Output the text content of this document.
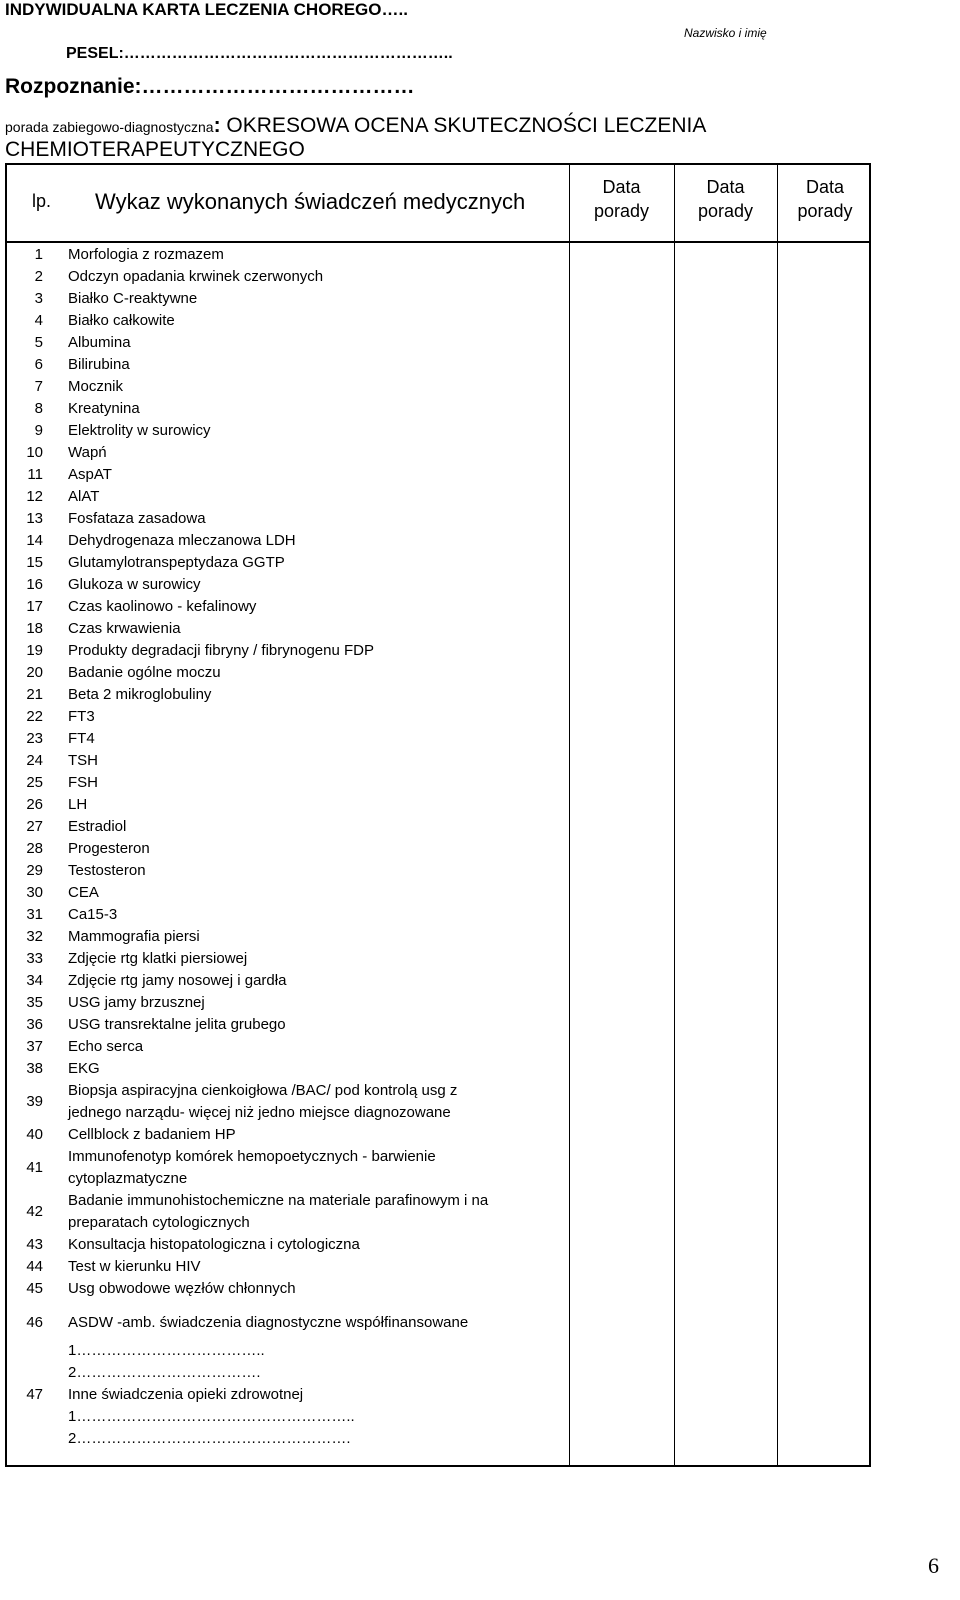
INDYWIDUALNA KARTA LECZENIA CHOREGO…..
Nazwisko i imię
PESEL:……………………………………………………..
Rozpoznanie:…………………………………
porada zabiegowo-diagnostyczna: OKRESOWA OCENA SKUTECZNOŚCI LECZENIA
CHEMIOTERAPEUTYCZNEGO
lp. Wykaz wykonanych świadczeń medycznych
Data
porady
Data
porady
Data
porady
1 Morfologia z rozmazem
2 Odczyn opadania krwinek czerwonych
3 Białko C-reaktywne
4 Białko całkowite
5 Albumina
6 Bilirubina
7 Mocznik
8 Kreatynina
9 Elektrolity w surowicy
10 Wapń
11 AspAT
12 AlAT
13 Fosfataza zasadowa
14 Dehydrogenaza mleczanowa LDH
15 Glutamylotranspeptydaza GGTP
16 Glukoza w surowicy
17 Czas kaolinowo - kefalinowy
18 Czas krwawienia
19 Produkty degradacji fibryny / fibrynogenu FDP
20 Badanie ogólne moczu
21 Beta 2 mikroglobuliny
22 FT3
23 FT4
24 TSH
25 FSH
26 LH
27 Estradiol
28 Progesteron
29 Testosteron
30 CEA
31 Ca15-3
32 Mammografia piersi
33 Zdjęcie rtg klatki piersiowej
34 Zdjęcie rtg jamy nosowej i gardła
35 USG jamy brzusznej
36 USG transrektalne jelita grubego
37 Echo serca
38 EKG
39
Biopsja aspiracyjna cienkoigłowa /BAC/ pod kontrolą usg z
jednego narządu- więcej niż jedno miejsce diagnozowane
40 Cellblock z badaniem HP
41
Immunofenotyp komórek hemopoetycznych - barwienie
cytoplazmatyczne
42
Badanie immunohistochemiczne na materiale parafinowym i na
preparatach cytologicznych
43 Konsultacja histopatologiczna i cytologiczna
44 Test w kierunku HIV
45 Usg obwodowe węzłów chłonnych
46 ASDW -amb. świadczenia diagnostyczne współfinansowane
1………………………………..
2……………………………….
47 Inne świadczenia opieki zdrowotnej
1………………………………………………..
2……………………………………………….
6
